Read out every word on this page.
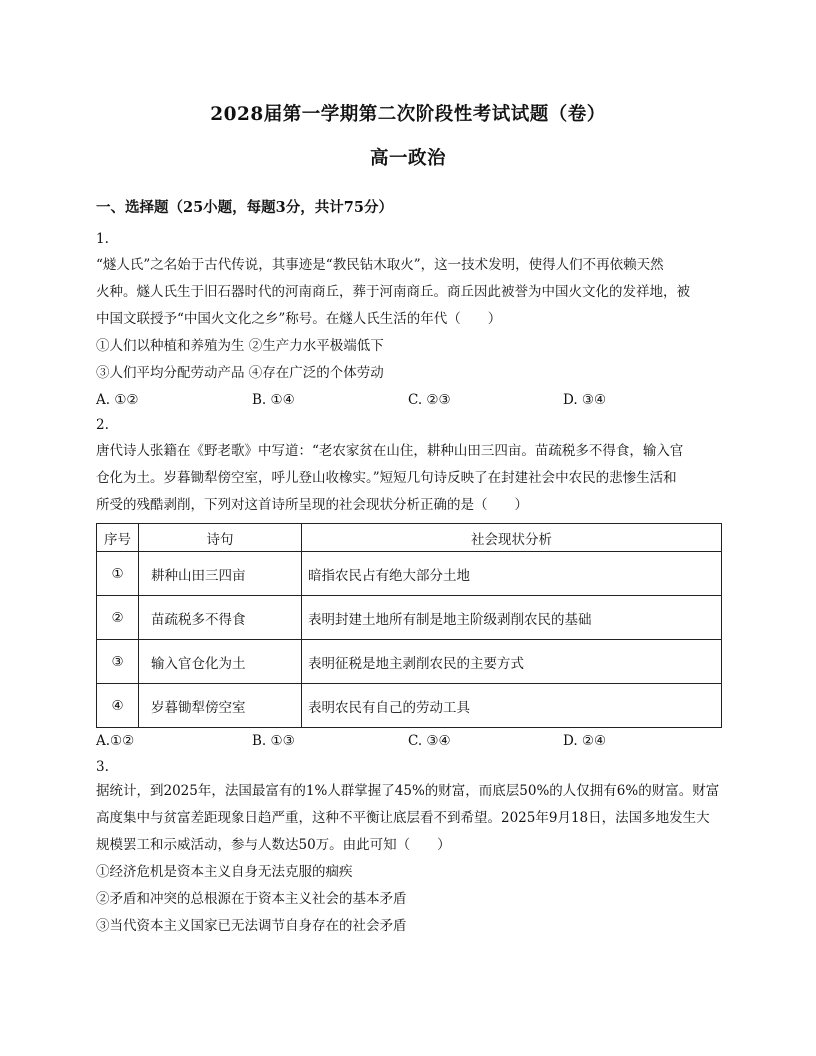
2028届第一学期第二次阶段性考试试题（卷）
高一政治
一、选择题（25小题，每题3分，共计75分）
1.
“燧人氏”之名始于古代传说，其事迹是“教民钻木取火”，这一技术发明，使得人们不再依赖天然
火种。燧人氏生于旧石器时代的河南商丘，葬于河南商丘。商丘因此被誉为中国火文化的发祥地，被
中国文联授予“中国火文化之乡”称号。在燧人氏生活的年代（　　）
①人们以种植和养殖为生 ②生产力水平极端低下
③人们平均分配劳动产品 ④存在广泛的个体劳动
A. ①②	B. ①④	C. ②③	D. ③④
2.
唐代诗人张籍在《野老歌》中写道：“老农家贫在山住，耕种山田三四亩。苗疏税多不得食，输入官
仓化为土。岁暮锄犁傍空室，呼儿登山收橡实。”短短几句诗反映了在封建社会中农民的悲惨生活和
所受的残酷剥削，下列对这首诗所呈现的社会现状分析正确的是（　　）
序号	诗句	社会现状分析
①	耕种山田三四亩	暗指农民占有绝大部分土地
②	苗疏税多不得食	表明封建土地所有制是地主阶级剥削农民的基础
③	输入官仓化为土	表明征税是地主剥削农民的主要方式
④	岁暮锄犁傍空室	表明农民有自己的劳动工具
A.①②	B. ①③	C. ③④	D. ②④
3.
据统计，到2025年，法国最富有的1%人群掌握了45%的财富，而底层50%的人仅拥有6%的财富。财富
高度集中与贫富差距现象日趋严重，这种不平衡让底层看不到希望。2025年9月18日，法国多地发生大
规模罢工和示威活动，参与人数达50万。由此可知（　　）
①经济危机是资本主义自身无法克服的痼疾
②矛盾和冲突的总根源在于资本主义社会的基本矛盾
③当代资本主义国家已无法调节自身存在的社会矛盾
